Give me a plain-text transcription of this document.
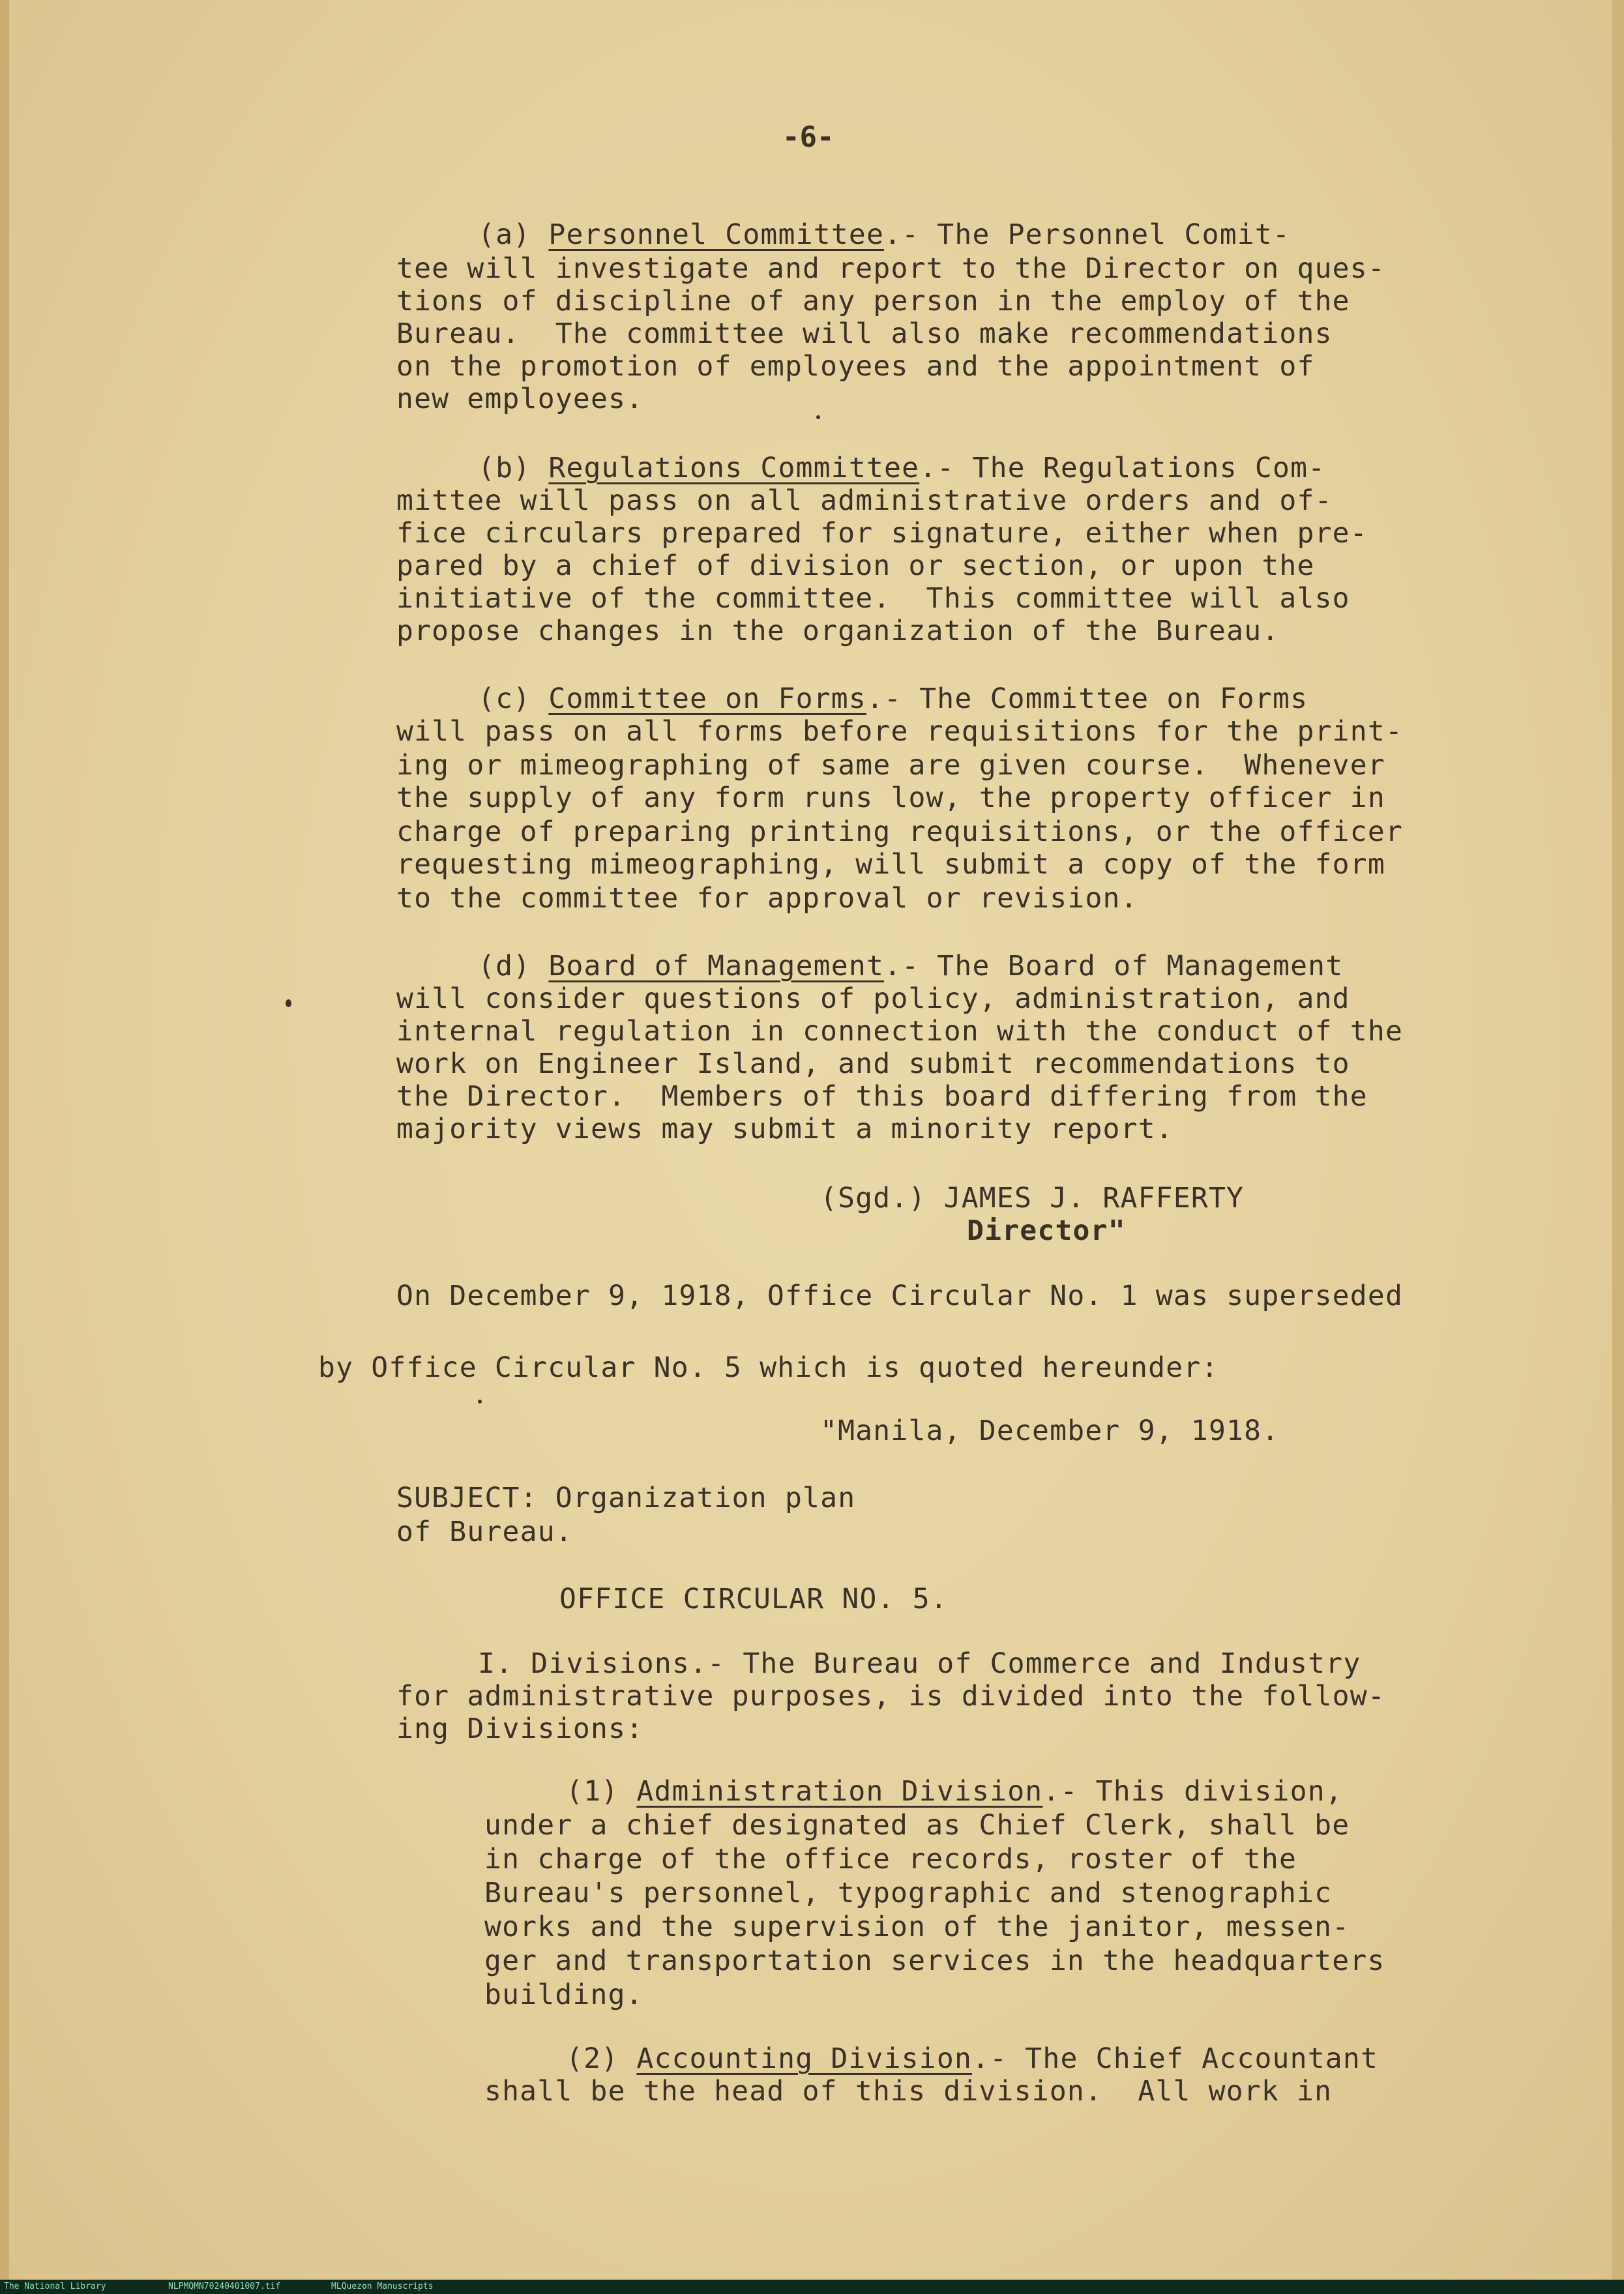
-6-
(a) Personnel Committee.- The Personnel Comit-
tee will investigate and report to the Director on ques-
tions of discipline of any person in the employ of the
Bureau.  The committee will also make recommendations
on the promotion of employees and the appointment of
new employees.
(b) Regulations Committee.- The Regulations Com-
mittee will pass on all administrative orders and of-
fice circulars prepared for signature, either when pre-
pared by a chief of division or section, or upon the
initiative of the committee.  This committee will also
propose changes in the organization of the Bureau.
(c) Committee on Forms.- The Committee on Forms
will pass on all forms before requisitions for the print-
ing or mimeographing of same are given course.  Whenever
the supply of any form runs low, the property officer in
charge of preparing printing requisitions, or the officer
requesting mimeographing, will submit a copy of the form
to the committee for approval or revision.
(d) Board of Management.- The Board of Management
will consider questions of policy, administration, and
internal regulation in connection with the conduct of the
work on Engineer Island, and submit recommendations to
the Director.  Members of this board differing from the
majority views may submit a minority report.
(Sgd.) JAMES J. RAFFERTY
Director"
On December 9, 1918, Office Circular No. 1 was superseded
by Office Circular No. 5 which is quoted hereunder:
"Manila, December 9, 1918.
SUBJECT: Organization plan
of Bureau.
OFFICE CIRCULAR NO. 5.
I. Divisions.- The Bureau of Commerce and Industry
for administrative purposes, is divided into the follow-
ing Divisions:
(1) Administration Division.- This division,
under a chief designated as Chief Clerk, shall be
in charge of the office records, roster of the
Bureau's personnel, typographic and stenographic
works and the supervision of the janitor, messen-
ger and transportation services in the headquarters
building.
(2) Accounting Division.- The Chief Accountant
shall be the head of this division.  All work in
The National Library	NLPMQMN70240401007.tif	MLQuezon Manuscripts
